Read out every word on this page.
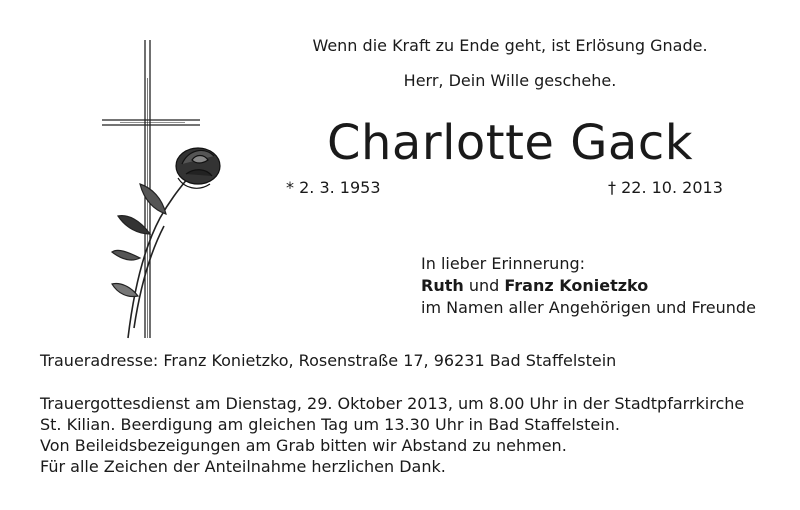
Wenn die Kraft zu Ende geht, ist Erlösung Gnade.
Herr, Dein Wille geschehe.
Charlotte Gack
* 2. 3. 1953	† 22. 10. 2013
In lieber Erinnerung:
Ruth und Franz Konietzko
im Namen aller Angehörigen und Freunde
Traueradresse: Franz Konietzko, Rosenstraße 17, 96231 Bad Staffelstein
Trauergottesdienst am Dienstag, 29. Oktober 2013, um 8.00 Uhr in der Stadtpfarrkirche
St. Kilian. Beerdigung am gleichen Tag um 13.30 Uhr in Bad Staffelstein.
Von Beileidsbezeigungen am Grab bitten wir Abstand zu nehmen.
Für alle Zeichen der Anteilnahme herzlichen Dank.
